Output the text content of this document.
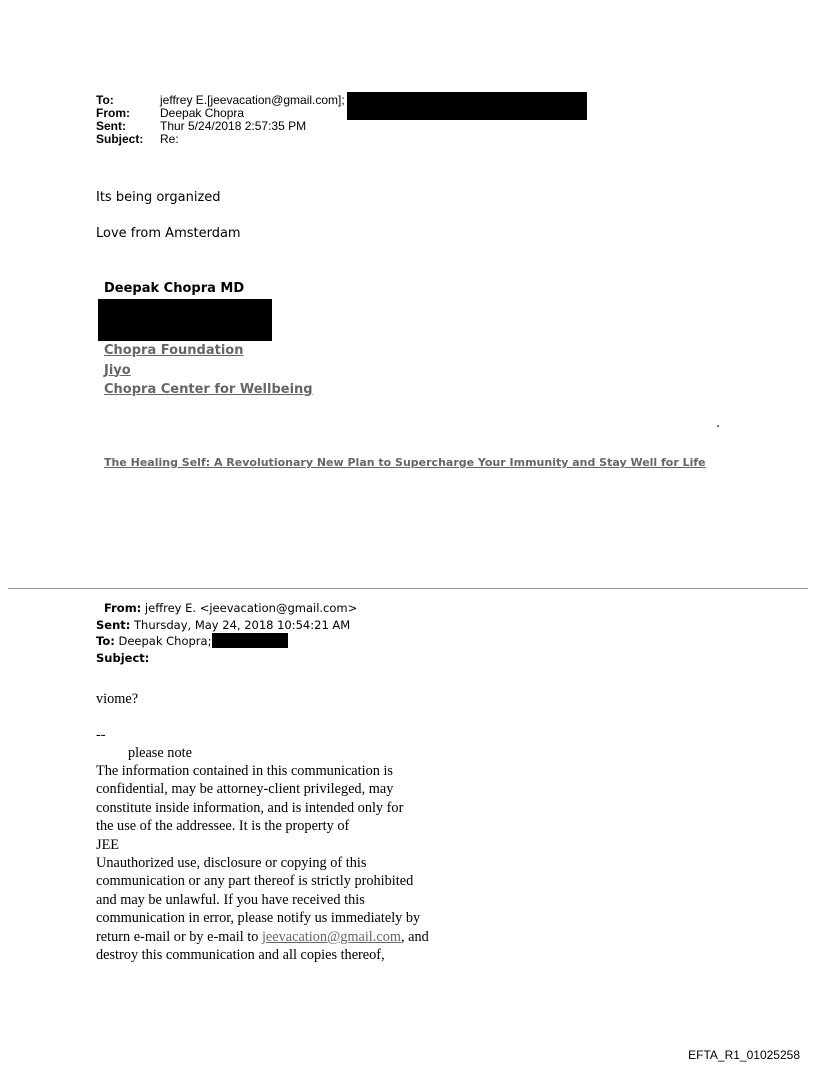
To:	jeffrey E.[jeevacation@gmail.com];
From:	Deepak Chopra
Sent:	Thur 5/24/2018 2:57:35 PM
Subject: Re:
Its being organized
Love from Amsterdam
Deepak Chopra MD
Chopra Foundation
Jiyo
Chopra Center for Wellbeing
.
The Healing Self: A Revolutionary New Plan to Supercharge Your Immunity and Stay Well for Life
From: jeffrey E. <jeevacation@gmail.com>
Sent: Thursday, May 24, 2018 10:54:21 AM
To: Deepak Chopra;
Subject:
viome?
--
please note
The information contained in this communication is
confidential, may be attorney-client privileged, may
constitute inside information, and is intended only for
the use of the addressee. It is the property of
JEE
Unauthorized use, disclosure or copying of this
communication or any part thereof is strictly prohibited
and may be unlawful. If you have received this
communication in error, please notify us immediately by
return e-mail or by e-mail to jeevacation@gmail.com, and
destroy this communication and all copies thereof,
EFTA_R1_01025258
